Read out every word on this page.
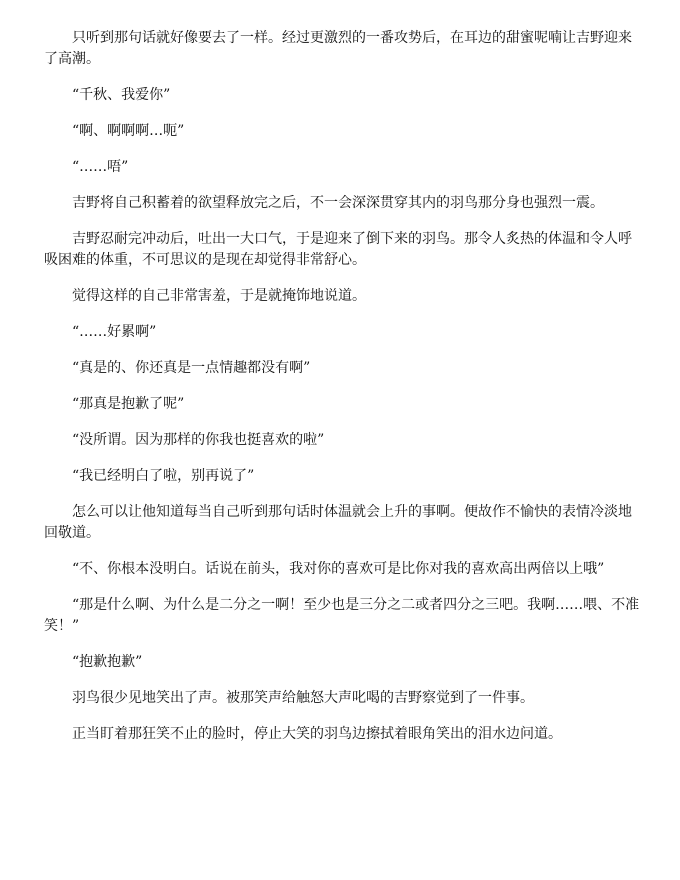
只听到那句话就好像要去了一样。经过更激烈的一番攻势后，在耳边的甜蜜呢喃让吉野迎来了高潮。

“千秋、我爱你”

“啊、啊啊啊…呃”

“……唔”

吉野将自己积蓄着的欲望释放完之后，不一会深深贯穿其内的羽鸟那分身也强烈一震。

吉野忍耐完冲动后，吐出一大口气，于是迎来了倒下来的羽鸟。那令人炙热的体温和令人呼吸困难的体重，不可思议的是现在却觉得非常舒心。

觉得这样的自己非常害羞，于是就掩饰地说道。

“……好累啊”

“真是的、你还真是一点情趣都没有啊”

“那真是抱歉了呢”

“没所谓。因为那样的你我也挺喜欢的啦”

“我已经明白了啦，别再说了”

怎么可以让他知道每当自己听到那句话时体温就会上升的事啊。便故作不愉快的表情冷淡地回敬道。

“不、你根本没明白。话说在前头，我对你的喜欢可是比你对我的喜欢高出两倍以上哦”

“那是什么啊、为什么是二分之一啊！至少也是三分之二或者四分之三吧。我啊……喂、不准笑！”

“抱歉抱歉”

羽鸟很少见地笑出了声。被那笑声给触怒大声叱喝的吉野察觉到了一件事。

正当盯着那狂笑不止的脸时，停止大笑的羽鸟边擦拭着眼角笑出的泪水边问道。
